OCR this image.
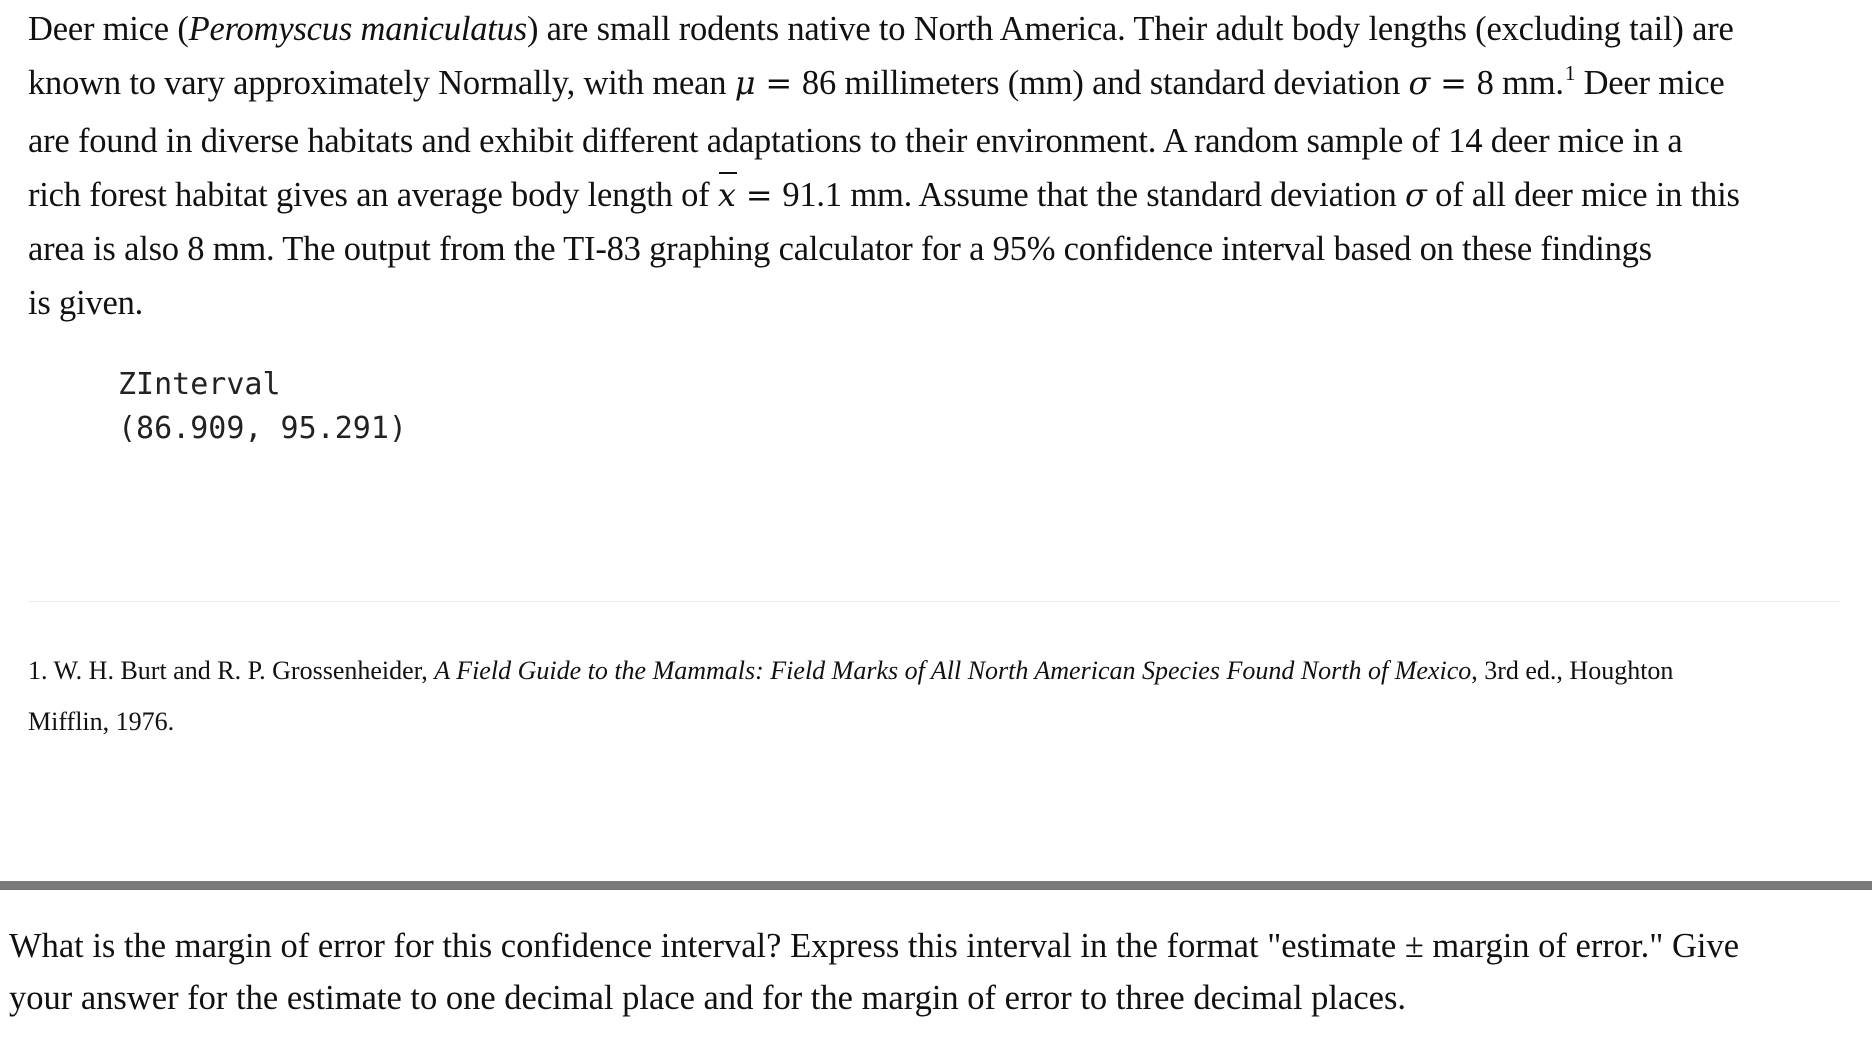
Deer mice (Peromyscus maniculatus) are small rodents native to North America. Their adult body lengths (excluding tail) are
known to vary approximately Normally, with mean μ = 86 millimeters (mm) and standard deviation σ = 8 mm.$^1$ Deer mice
are found in diverse habitats and exhibit different adaptations to their environment. A random sample of 14 deer mice in a
rich forest habitat gives an average body length of x = 91.1 mm. Assume that the standard deviation σ of all deer mice in this
area is also 8 mm. The output from the TI-83 graphing calculator for a 95% confidence interval based on these findings
is given.

ZInterval
(86.909, 95.291)

1. W. H. Burt and R. P. Grossenheider, A Field Guide to the Mammals: Field Marks of All North American Species Found North of Mexico, 3rd ed., Houghton
Mifflin, 1976.

What is the margin of error for this confidence interval? Express this interval in the format "estimate ± margin of error." Give
your answer for the estimate to one decimal place and for the margin of error to three decimal places.
